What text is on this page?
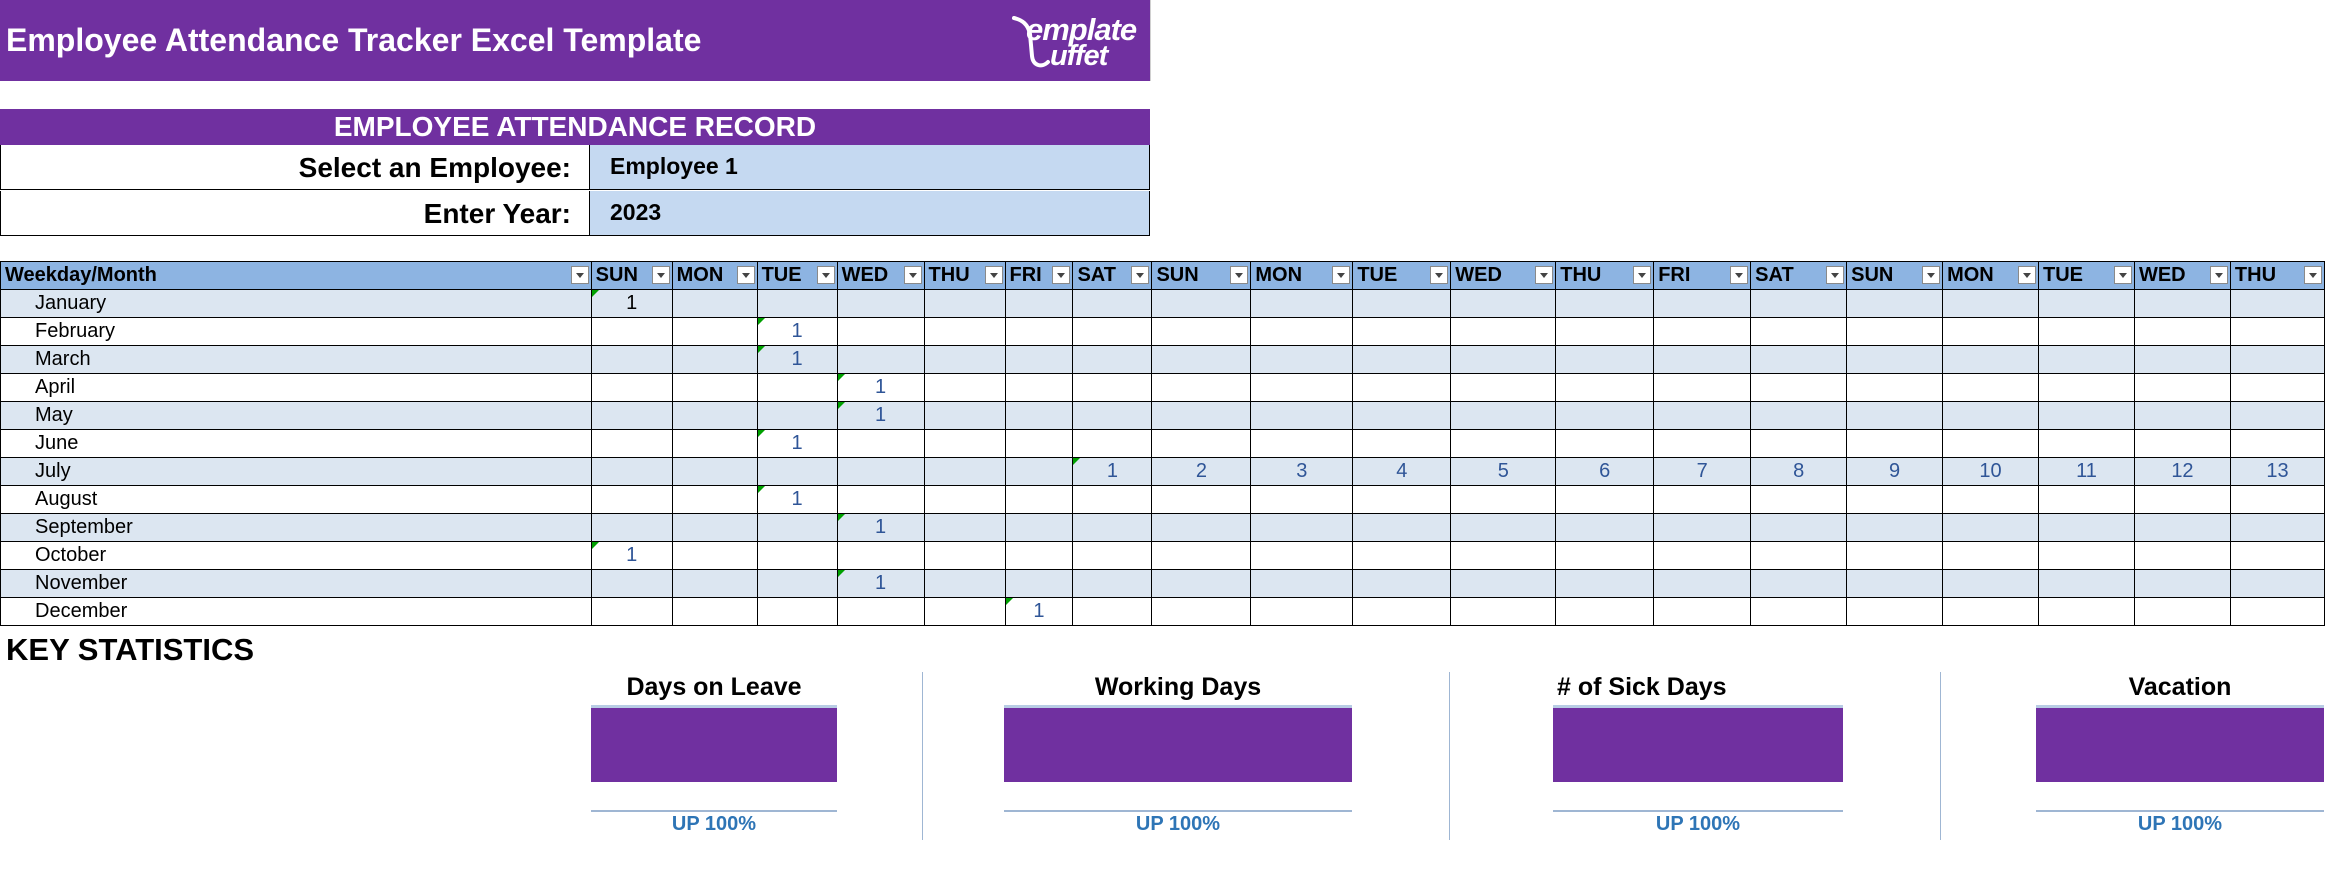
Employee Attendance Tracker Excel Template	emplate
uffet
EMPLOYEE ATTENDANCE RECORD
Select an Employee:	Employee 1
Enter Year:	2023
Weekday/Month	SUN	MON	TUE	WED	THU	FRI	SAT	SUN	MON	TUE	WED	THU	FRI	SAT	SUN	MON	TUE	WED	THU

January	1

February			1

March			1

April				1

May				1

June			1

July							1	2	3	4	5	6	7	8	9	10	11	12	13
August			1

September				1

October	1

November				1

December						1

KEY STATISTICS
Days on Leave
UP 100%
Working Days
UP 100%
# of Sick Days
UP 100%
Vacation
UP 100%
